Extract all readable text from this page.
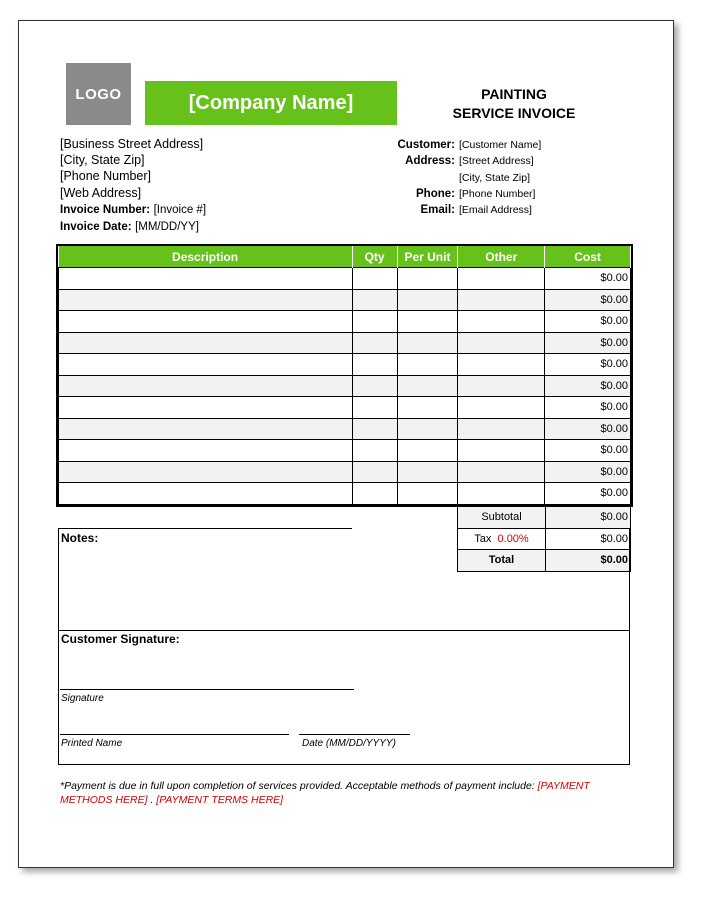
LOGO	[Company Name]	PAINTING
SERVICE INVOICE
[Business Street Address]
[City, State Zip]
[Phone Number]
[Web Address]
Invoice Number: [Invoice #]
Invoice Date: [MM/DD/YY]
Customer: [Customer Name]
Address: [Street Address]
[City, State Zip]
Phone: [Phone Number]
Email: [Email Address]
Description	Qty	Per Unit	Other	Cost
				$0.00
				$0.00
				$0.00
				$0.00
				$0.00
				$0.00
				$0.00
				$0.00
				$0.00
				$0.00
				$0.00
Subtotal	$0.00
Tax 0.00%	$0.00
Total	$0.00
Notes:
Customer Signature:
Signature
Printed Name	Date (MM/DD/YYYY)
*Payment is due in full upon completion of services provided. Acceptable methods of payment include: [PAYMENT METHODS HERE] . [PAYMENT TERMS HERE]
